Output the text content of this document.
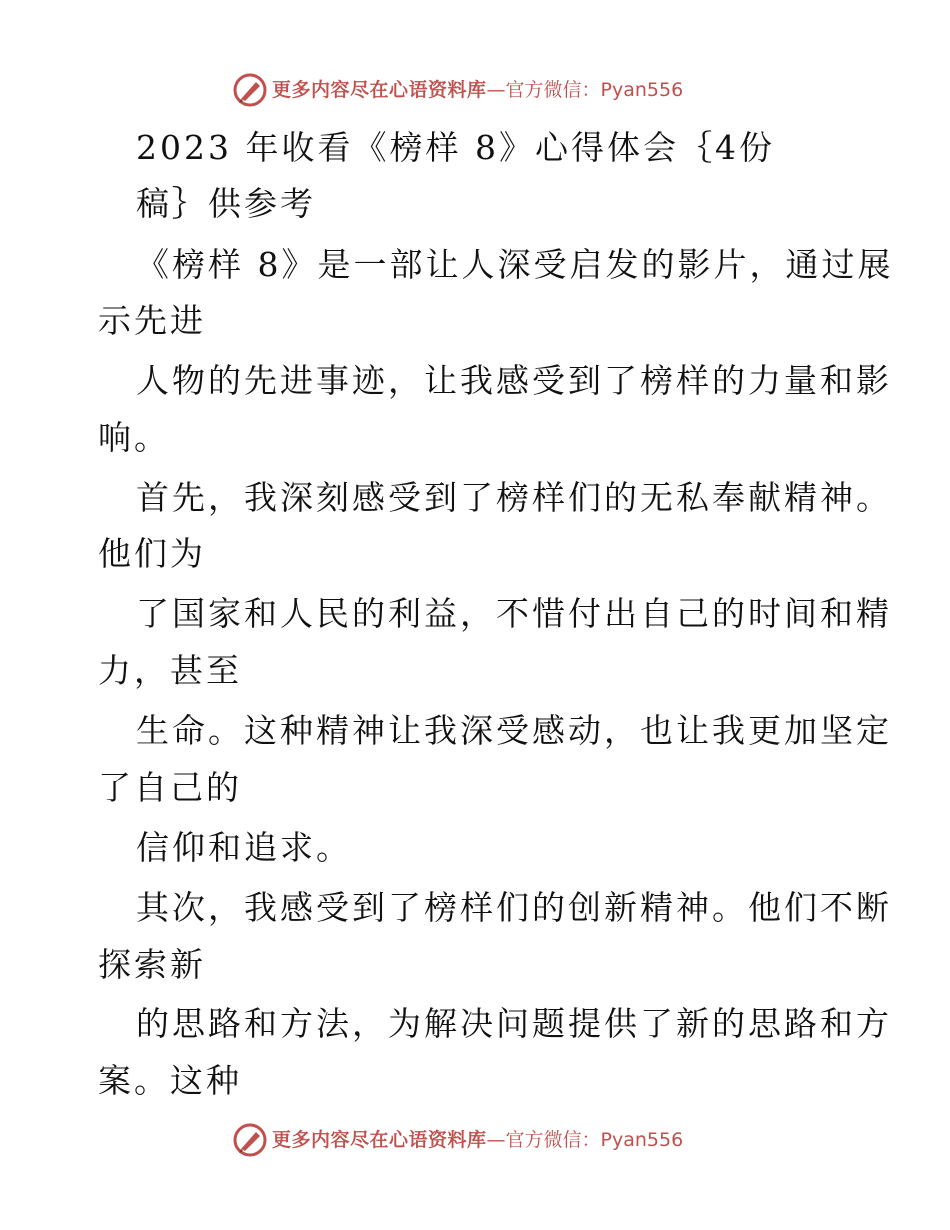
更多内容尽在心语资料库—官方微信：Pyan556
2023 年收看《榜样 8》心得体会｛4份
稿｝供参考
《榜样 8》是一部让人深受启发的影片，通过展
示先进
人物的先进事迹，让我感受到了榜样的力量和影
响。
首先，我深刻感受到了榜样们的无私奉献精神。
他们为
了国家和人民的利益，不惜付出自己的时间和精
力，甚至
生命。这种精神让我深受感动，也让我更加坚定
了自己的
信仰和追求。
其次，我感受到了榜样们的创新精神。他们不断
探索新
的思路和方法，为解决问题提供了新的思路和方
案。这种
更多内容尽在心语资料库—官方微信：Pyan556
